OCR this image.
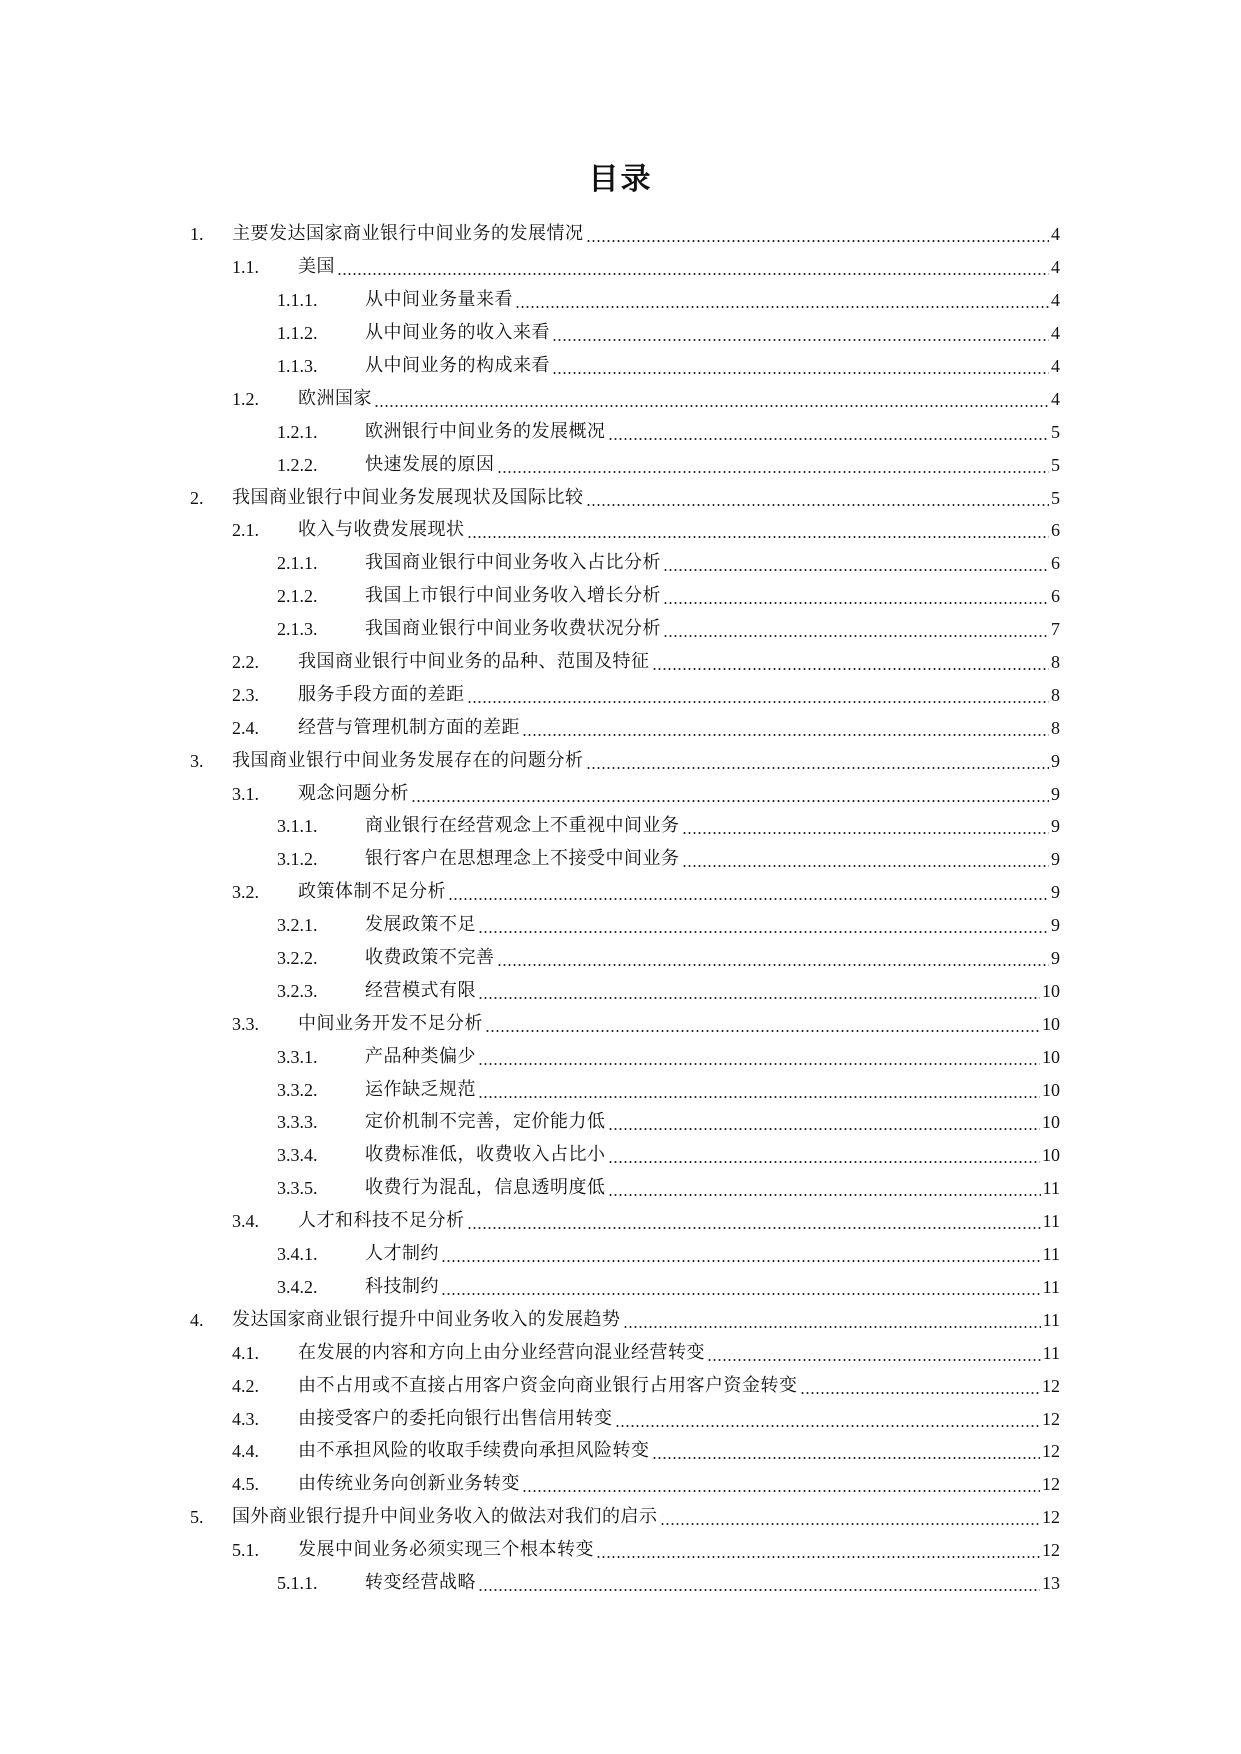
目录
1.	主要发达国家商业银行中间业务的发展情况	4
1.1.	美国	4
1.1.1.	从中间业务量来看	4
1.1.2.	从中间业务的收入来看	4
1.1.3.	从中间业务的构成来看	4
1.2.	欧洲国家	4
1.2.1.	欧洲银行中间业务的发展概况	5
1.2.2.	快速发展的原因	5
2.	我国商业银行中间业务发展现状及国际比较	5
2.1.	收入与收费发展现状	6
2.1.1.	我国商业银行中间业务收入占比分析	6
2.1.2.	我国上市银行中间业务收入增长分析	6
2.1.3.	我国商业银行中间业务收费状况分析	7
2.2.	我国商业银行中间业务的品种、范围及特征	8
2.3.	服务手段方面的差距	8
2.4.	经营与管理机制方面的差距	8
3.	我国商业银行中间业务发展存在的问题分析	9
3.1.	观念问题分析	9
3.1.1.	商业银行在经营观念上不重视中间业务	9
3.1.2.	银行客户在思想理念上不接受中间业务	9
3.2.	政策体制不足分析	9
3.2.1.	发展政策不足	9
3.2.2.	收费政策不完善	9
3.2.3.	经营模式有限	10
3.3.	中间业务开发不足分析	10
3.3.1.	产品种类偏少	10
3.3.2.	运作缺乏规范	10
3.3.3.	定价机制不完善，定价能力低	10
3.3.4.	收费标准低，收费收入占比小	10
3.3.5.	收费行为混乱，信息透明度低	11
3.4.	人才和科技不足分析	11
3.4.1.	人才制约	11
3.4.2.	科技制约	11
4.	发达国家商业银行提升中间业务收入的发展趋势	11
4.1.	在发展的内容和方向上由分业经营向混业经营转变	11
4.2.	由不占用或不直接占用客户资金向商业银行占用客户资金转变	12
4.3.	由接受客户的委托向银行出售信用转变	12
4.4.	由不承担风险的收取手续费向承担风险转变	12
4.5.	由传统业务向创新业务转变	12
5.	国外商业银行提升中间业务收入的做法对我们的启示	12
5.1.	发展中间业务必须实现三个根本转变	12
5.1.1.	转变经营战略	13
